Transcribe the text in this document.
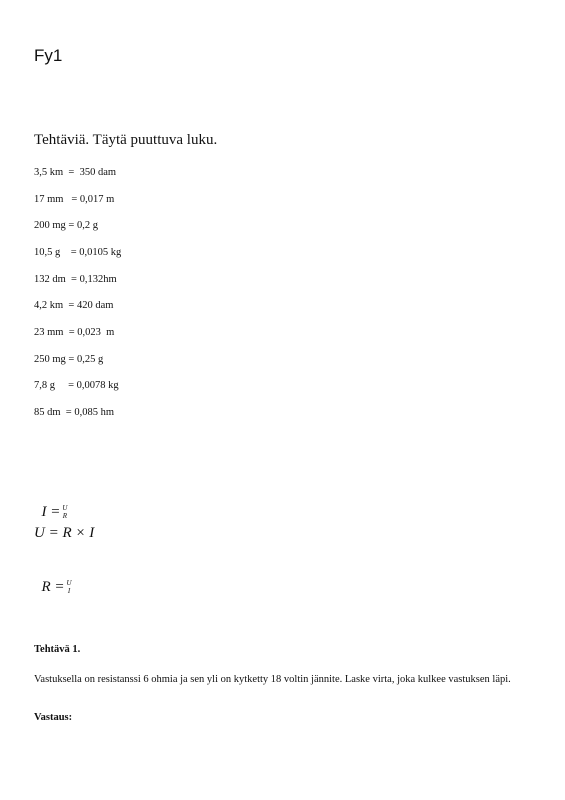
Fy1
Tehtäviä. Täytä puuttuva luku.
3,5 km  =  350 dam
17 mm   = 0,017 m
200 mg = 0,2 g
10,5 g    = 0,0105 kg
132 dm  = 0,132hm
4,2 km  = 420 dam
23 mm  = 0,023  m
250 mg = 0,25 g
7,8 g     = 0,0078 kg
85 dm  = 0,085 hm

I = U
R

U = R × I

R = U
I

Tehtävä 1.
Vastuksella on resistanssi 6 ohmia ja sen yli on kytketty 18 voltin jännite. Laske virta, joka kulkee vastuksen läpi.
Vastaus:
